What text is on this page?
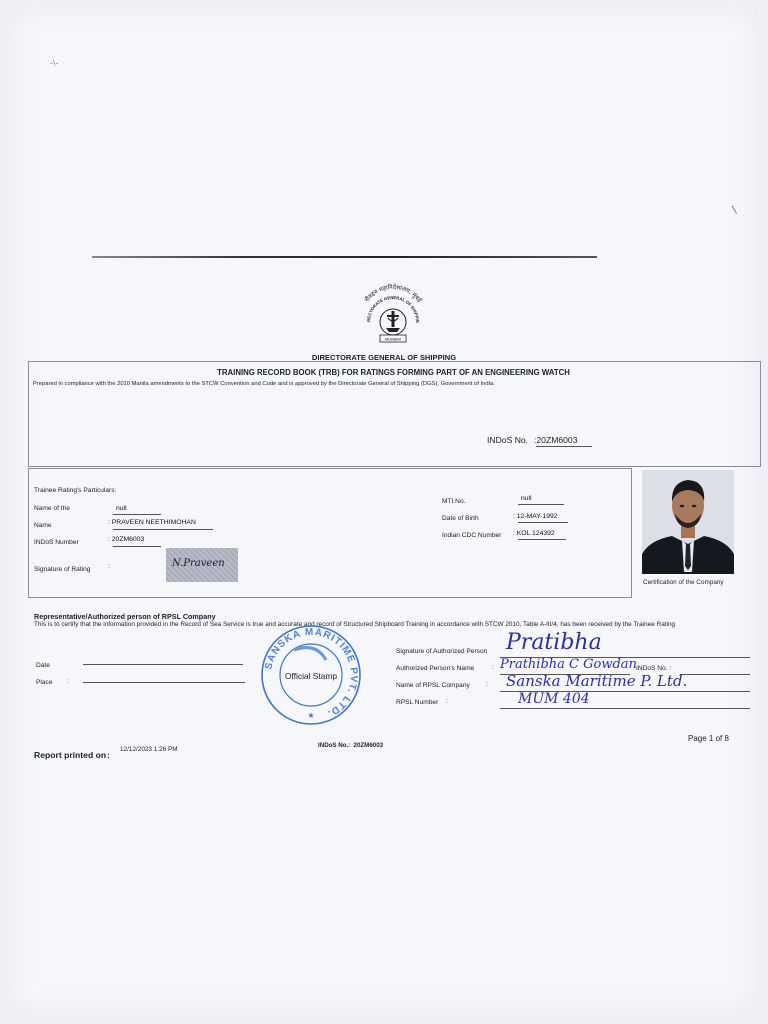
‑\‑
|
नौवहन महानिदेशालय, मुंबई
RECTORATE GENERAL OF SHIPPIN
MUMBAI
DIRECTORATE GENERAL OF SHIPPING
TRAINING RECORD BOOK (TRB) FOR RATINGS FORMING PART OF AN ENGINEERING WATCH
Prepared in compliance with the 2010 Manila amendments to the STCW Convention and Code and is approved by the Directorate General of Shipping (DGS), Government of India.
INDoS No. :20ZM6003
Trainee Rating's Particulars:
Name of the	null
Name	: PRAVEEN NEETHIMOHAN
INDoS Number	: 20ZM6003
Signature of Rating	:	N.Praveen
MTI No.	null
Date of Birth	: 12-MAY-1992
Indian CDC Number : KOL 124392
Certification of the Company
Representative/Authorized person of RPSL Company
This is to certify that the information provided in the Record of Sea Service is true and accurate and record of Structured Shipboard Training in accordance with STCW 2010, Table A-III/4, has been received by the Trainee Rating
Date
Place :
SANSKA MARITIME PVT. LTD.
Official Stamp
★
Signature of Authorized Person Pratibha
Authorized Person's Name	: Prathibha C Gowdan INDoS No. :
Name of RPSL Company : Sanska Maritime P. Ltd.
RPSL Number :	MUM 404
Report printed on :
12/12/2023 1:26 PM
INDoS No. :  20ZM6003
Page 1 of 8
